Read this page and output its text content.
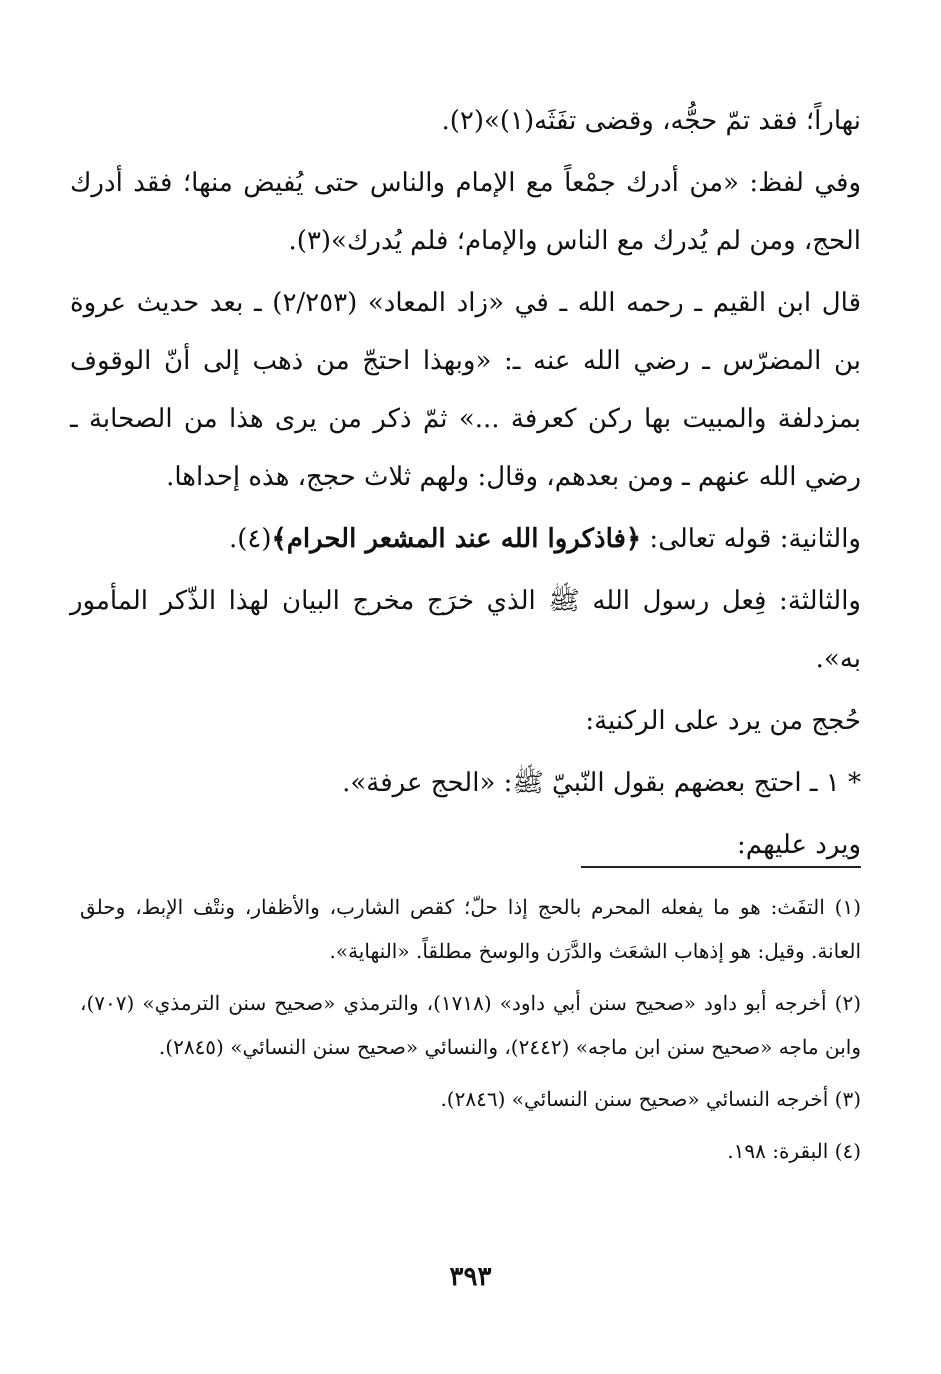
نهاراً؛ فقد تمّ حجُّه، وقضى تفَثَه(١)»(٢).

وفي لفظ: «من أدرك جمْعاً مع الإمام والناس حتى يُفيض منها؛ فقد أدرك الحج، ومن لم يُدرك مع الناس والإمام؛ فلم يُدرك»(٣).

قال ابن القيم ـ رحمه الله ـ في «زاد المعاد» (٢/٢٥٣) ـ بعد حديث عروة بن المضرّس ـ رضي الله عنه ـ: «وبهذا احتجّ من ذهب إلى أنّ الوقوف بمزدلفة والمبيت بها ركن كعرفة ...» ثمّ ذكر من يرى هذا من الصحابة ـ رضي الله عنهم ـ ومن بعدهم، وقال: ولهم ثلاث حجج، هذه إحداها.

والثانية: قوله تعالى: ﴿فاذكروا الله عند المشعر الحرام﴾(٤).

والثالثة: فِعل رسول الله ﷺ الذي خرَج مخرج البيان لهذا الذّكر المأمور به».

حُجج من يرد على الركنية:

* ١ ـ احتج بعضهم بقول النّبيّ ﷺ: «الحج عرفة».

ويرد عليهم:

(١) التفَث: هو ما يفعله المحرم بالحج إذا حلّ؛ كقص الشارب، والأظفار، ونتْف الإبط، وحلق العانة. وقيل: هو إذهاب الشعَث والدَّرَن والوسخ مطلقاً. «النهاية».

(٢) أخرجه أبو داود «صحيح سنن أبي داود» (١٧١٨)، والترمذي «صحيح سنن الترمذي» (٧٠٧)، وابن ماجه «صحيح سنن ابن ماجه» (٢٤٤٢)، والنسائي «صحيح سنن النسائي» (٢٨٤٥).

(٣) أخرجه النسائي «صحيح سنن النسائي» (٢٨٤٦).

(٤) البقرة: ١٩٨.

٣٩٣
